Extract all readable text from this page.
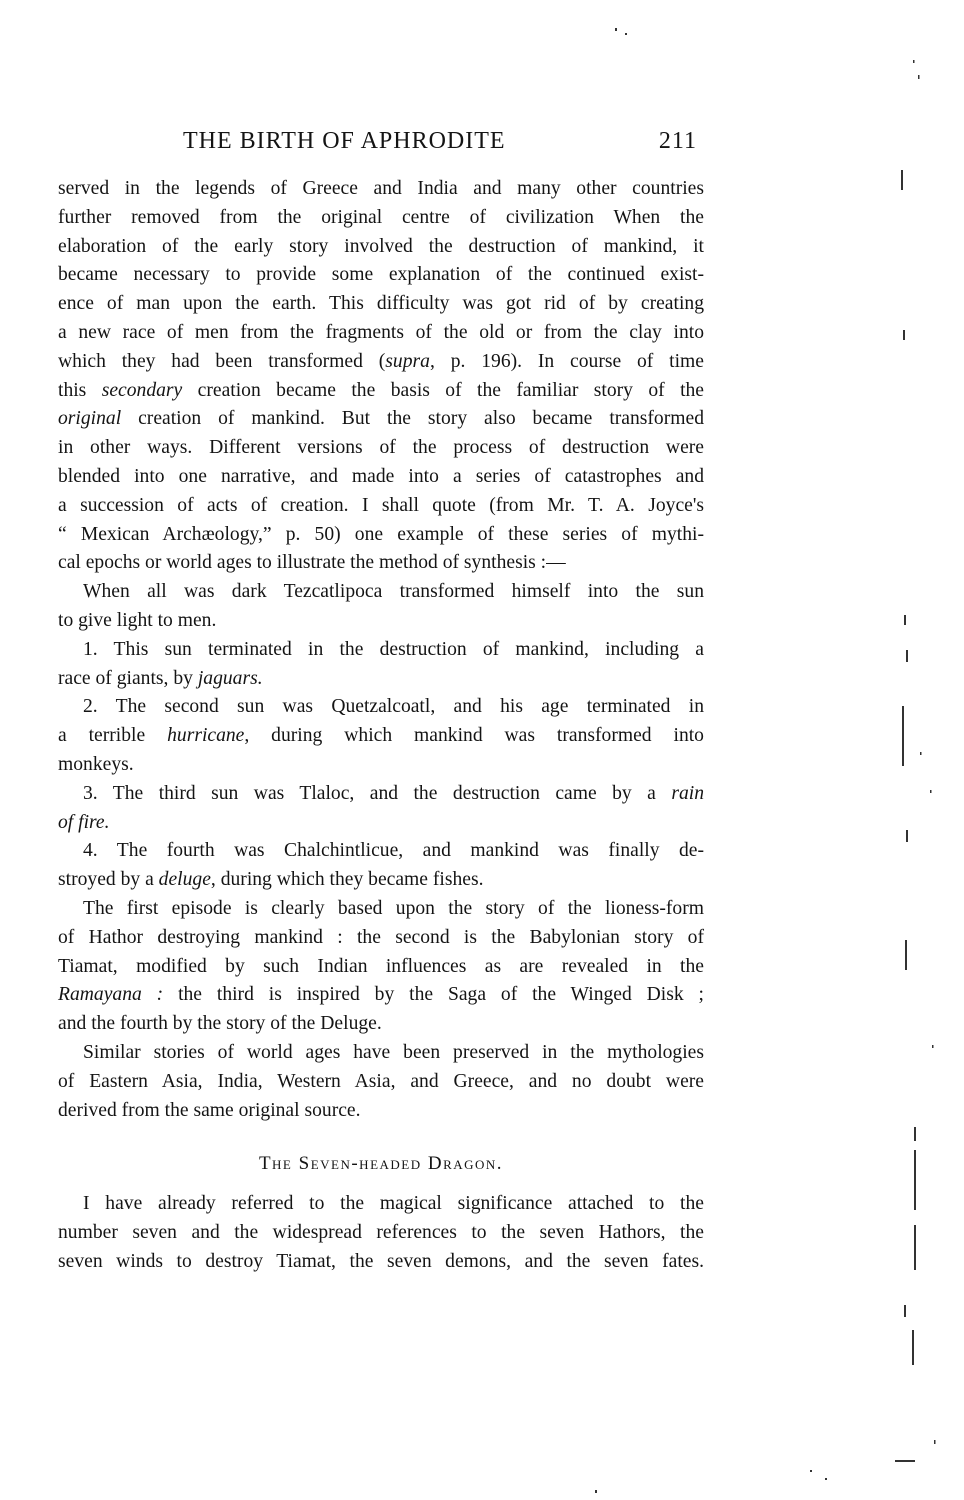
THE BIRTH OF APHRODITE	211
served in the legends of Greece and India and many other countries
further removed from the original centre of civilization When the
elaboration of the early story involved the destruction of mankind, it
became necessary to provide some explanation of the continued exist-
ence of man upon the earth. This difficulty was got rid of by creating
a new race of men from the fragments of the old or from the clay into
which they had been transformed (supra, p. 196). In course of time
this secondary creation became the basis of the familiar story of the
original creation of mankind. But the story also became transformed
in other ways. Different versions of the process of destruction were
blended into one narrative, and made into a series of catastrophes and
a succession of acts of creation. I shall quote (from Mr. T. A. Joyce's
“ Mexican Archæology,” p. 50) one example of these series of mythi-
cal epochs or world ages to illustrate the method of synthesis :—
When all was dark Tezcatlipoca transformed himself into the sun
to give light to men.
1. This sun terminated in the destruction of mankind, including a
race of giants, by jaguars.
2. The second sun was Quetzalcoatl, and his age terminated in
a terrible hurricane, during which mankind was transformed into
monkeys.
3. The third sun was Tlaloc, and the destruction came by a rain
of fire.
4. The fourth was Chalchintlicue, and mankind was finally de-
stroyed by a deluge, during which they became fishes.
The first episode is clearly based upon the story of the lioness-form
of Hathor destroying mankind : the second is the Babylonian story of
Tiamat, modified by such Indian influences as are revealed in the
Ramayana : the third is inspired by the Saga of the Winged Disk ;
and the fourth by the story of the Deluge.
Similar stories of world ages have been preserved in the mythologies
of Eastern Asia, India, Western Asia, and Greece, and no doubt were
derived from the same original source.
The Seven-headed Dragon.
I have already referred to the magical significance attached to the
number seven and the widespread references to the seven Hathors, the
seven winds to destroy Tiamat, the seven demons, and the seven fates.
